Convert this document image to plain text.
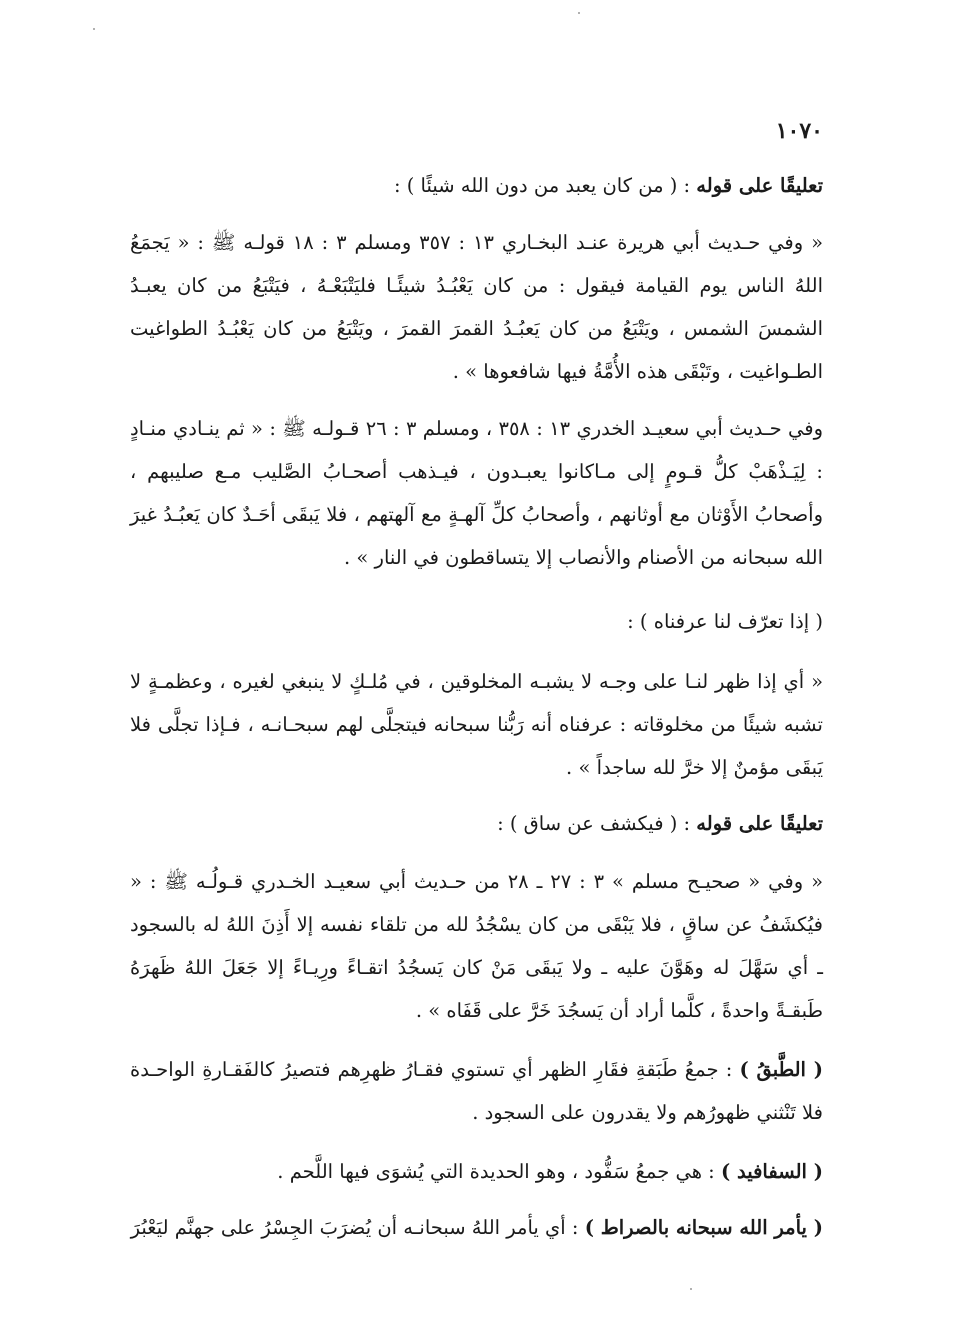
١٠٧٠
تعليقًا على قوله : ( من كان يعبد من دون الله شيئًا ) :
« وفي حـديث أبي هريرة عنـد البخـاري ١٣ : ٣٥٧ ومسلم ٣ : ١٨ قولـه ﷺ : « يَجمَعُ اللهُ الناس يوم القيامة فيقول : من كان يَعْبُـدُ شيئًـا فليَتْبَعْـهُ ، فيَتْبَعُ من كان يعبـدُ الشمسَ الشمس ، ويَتْبَعُ من كان يَعبُـدُ القمرَ القمرَ ، ويَتْبَعُ من كان يَعْبُـدُ الطواغيت الطـواغيت ، وتَبْقَى هذه الأُمَّةُ فيها شافعوها » .
وفي حـديث أبي سعيـد الخدري ١٣ : ٣٥٨ ، ومسلم ٣ : ٢٦ قـولـه ﷺ : « ثم ينـادي منـادٍ : لِيَـذْهَبْ كلُّ قـومٍ إلى مـاكانوا يعبـدون ، فيـذهب أصحـابُ الصَّليب مـع صليبهم ، وأصحابُ الأَوْثان مع أوثانهم ، وأصحابُ كلِّ آلهـةٍ مع آلهتهم ، فلا يَبقَى أحَـدٌ كان يَعبُـدُ غيرَ الله سبحانه من الأصنام والأنصاب إلا يتساقطون في النار » .
( إذا تعرّف لنا عرفناه ) :
« أي إذا ظهر لنـا على وجـه لا يشبـه المخلوقين ، في مُلـكٍ لا ينبغي لغيره ، وعظمـةٍ لا تشبه شيئًا من مخلوقاته : عرفناه أنه رَبُّنا سبحانه فيتجلَّى لهم سبحـانـه ، فـإذا تجلَّى فلا يَبقَى مؤمنٌ إلا خرَّ لله ساجداً » .
تعليقًا على قوله : ( فيكشف عن ساق ) :
« وفي « صحيـح مسلم » ٣ : ٢٧ ـ ٢٨ من حـديث أبي سعيـد الخـدري قـولُـه ﷺ : « فيُكشَفُ عن ساقٍ ، فلا يَبْقَى من كان يسْجُدُ لله من تلقاء نفسه إلا أَذِنَ اللهُ له بالسجود ـ أي سَهَّلَ له وهَوَّنَ عليه ـ ولا يَبقَى مَنْ كان يَسجُدُ اتقـاءً ورِيـاءً إلا جَعَلَ اللهُ ظَهرَهُ طَبقـةً واحدةً ، كلَّما أراد أن يَسجُدَ خَرَّ على قَفَاه » .
( الطَّبقُ ) : جمعُ طَبَقةِ فقَارِ الظهر أي تستوي فقـارُ ظهرِهم فتصيرُ كالفَقـارةِ الواحـدة فلا تَنْثني ظهورُهم ولا يقدرون على السجود .
( السفافيد ) : هي جمعُ سَفُّود ، وهو الحديدة التي يُشوَى فيها اللَّحم .
( يأمر الله سبحانه بالصراط ) : أي يأمر اللهُ سبحانـه أن يُضرَبَ الجِسْرُ على جهنَّم ليَعْبُرَ
